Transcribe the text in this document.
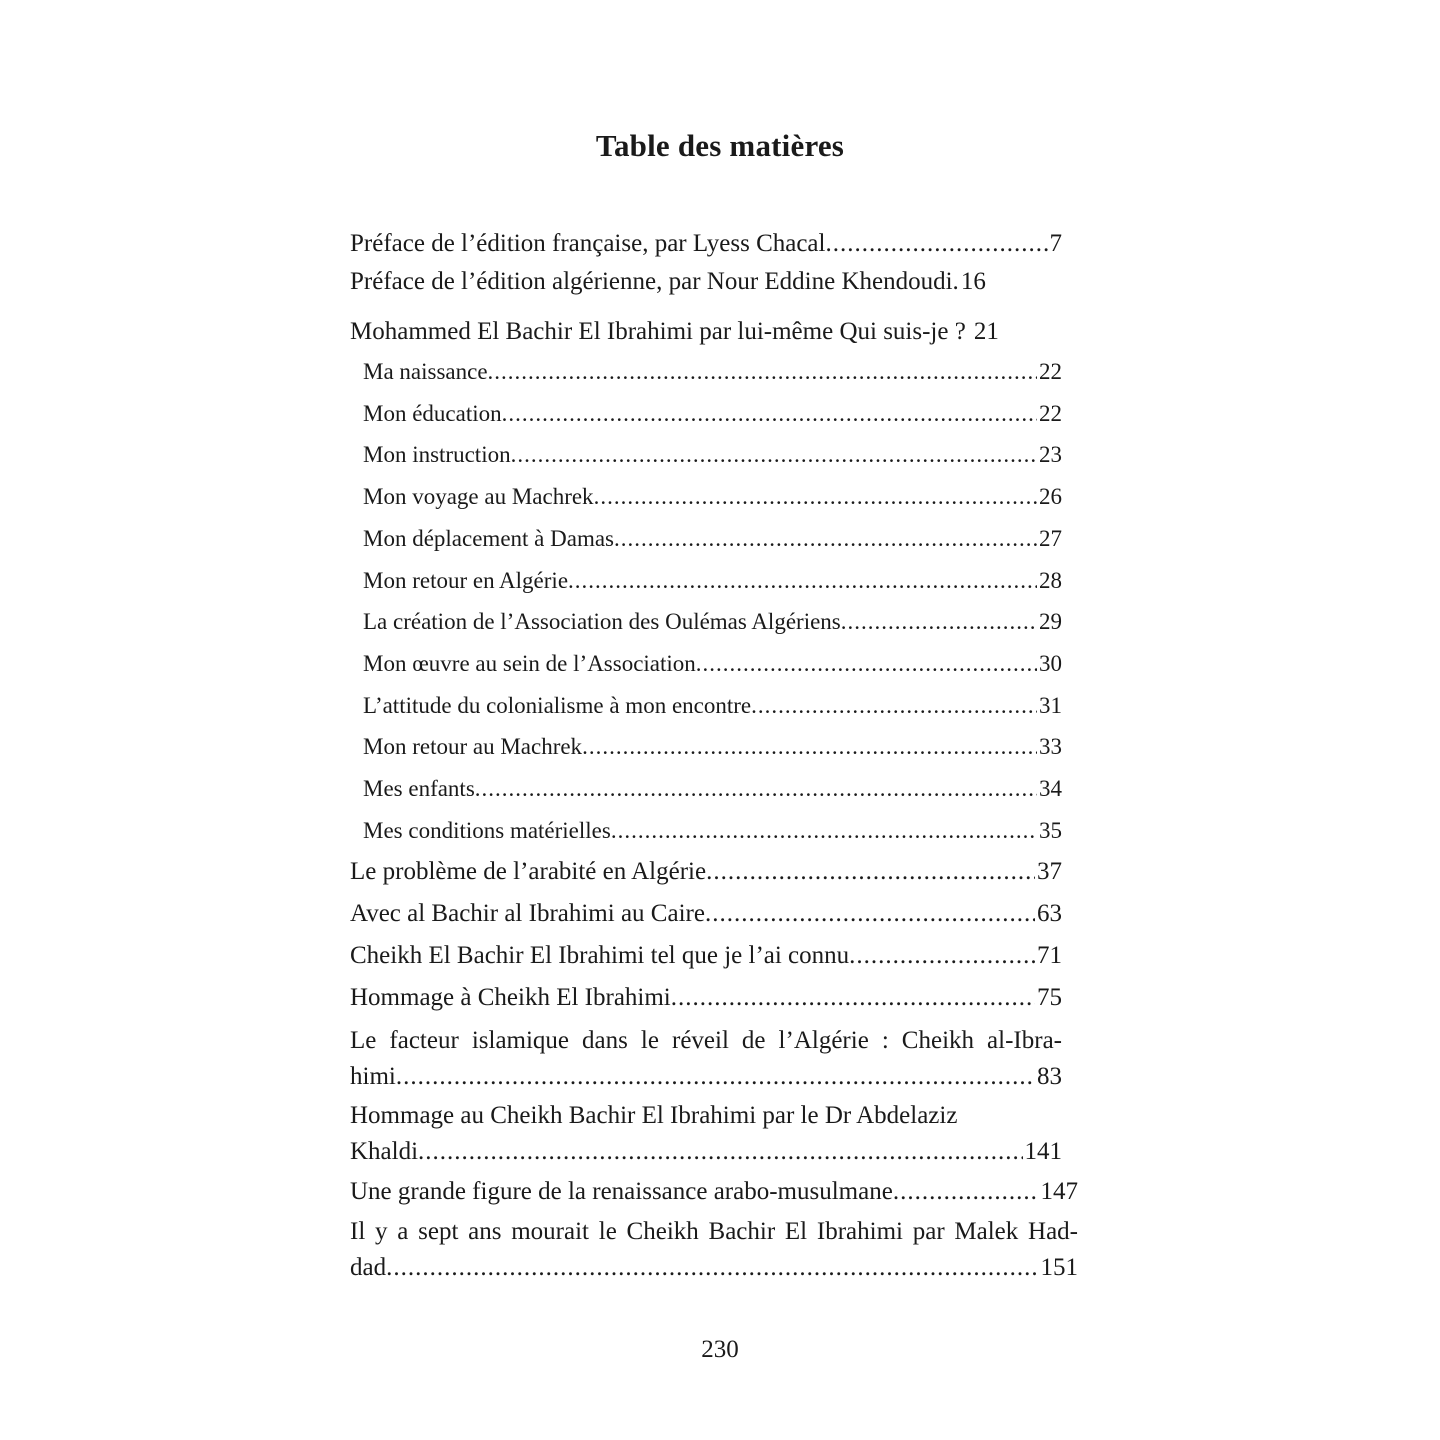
Table des matières
Préface de l’édition française, par Lyess Chacal .....	7
Préface de l’édition algérienne, par Nour Eddine Khendoudi. 16
Mohammed El Bachir El Ibrahimi par lui-même Qui suis-je ? 21
Ma naissance .....	22
Mon éducation .....	22
Mon instruction .....	23
Mon voyage au Machrek .....	26
Mon déplacement à Damas .....	27
Mon retour en Algérie .....	28
La création de l’Association des Oulémas Algériens .....	29
Mon œuvre au sein de l’Association .....	30
L’attitude du colonialisme à mon encontre .....	31
Mon retour au Machrek .....	33
Mes enfants .....	34
Mes conditions matérielles .....	35
Le problème de l’arabité en Algérie .....	37
Avec al Bachir al Ibrahimi au Caire .....	63
Cheikh El Bachir El Ibrahimi tel que je l’ai connu .....	71
Hommage à Cheikh El Ibrahimi .....	75
Le facteur islamique dans le réveil de l’Algérie : Cheikh al-Ibra-
himi .....	83
Hommage au Cheikh Bachir El Ibrahimi par le Dr Abdelaziz
Khaldi .....	141
Une grande figure de la renaissance arabo-musulmane .....	147
Il y a sept ans mourait le Cheikh Bachir El Ibrahimi par Malek Had-
dad .....	151
230
